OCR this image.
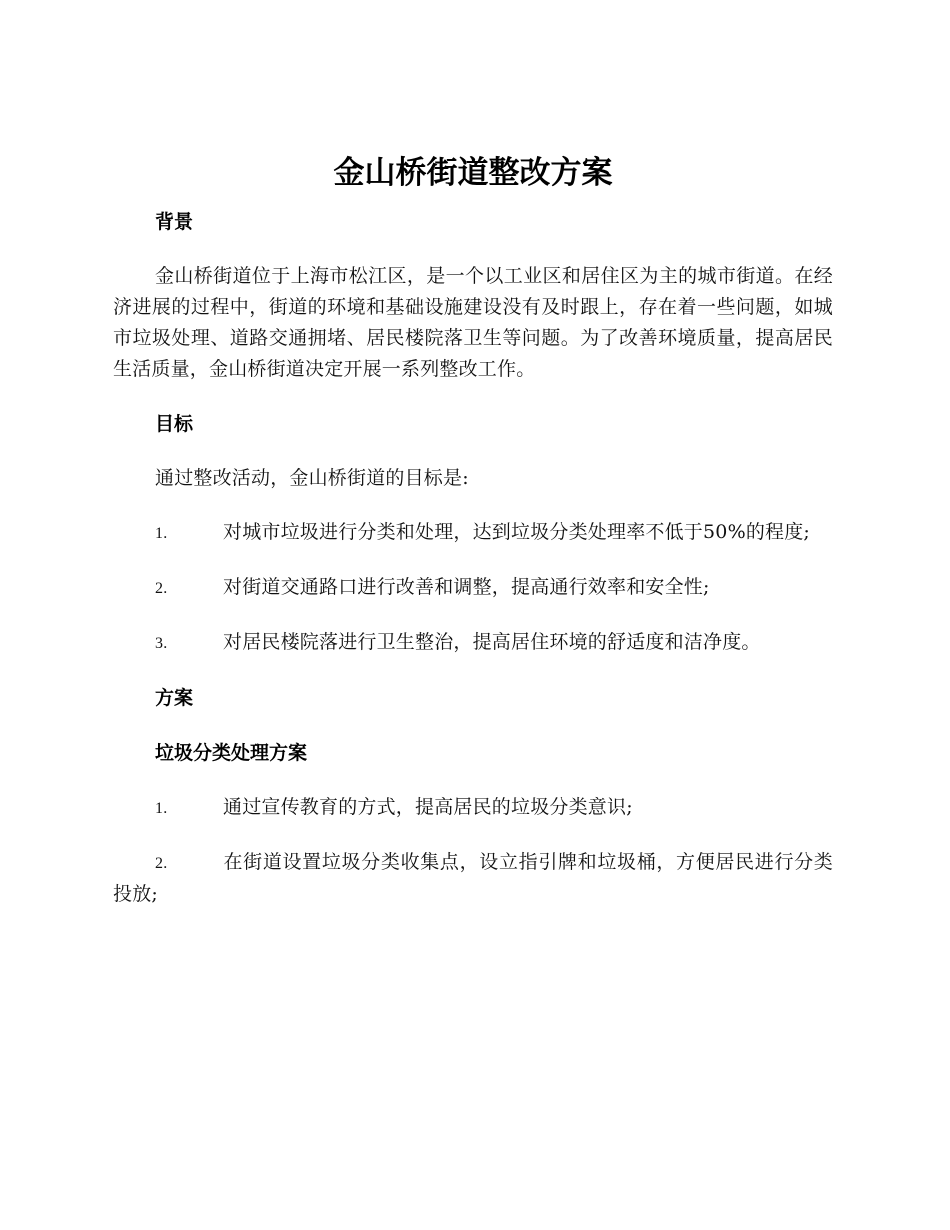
金山桥街道整改方案
背景

金山桥街道位于上海市松江区，是一个以工业区和居住区为主的城市街道。在经济进展的过程中，街道的环境和基础设施建设没有及时跟上，存在着一些问题，如城市垃圾处理、道路交通拥堵、居民楼院落卫生等问题。为了改善环境质量，提高居民生活质量，金山桥街道决定开展一系列整改工作。

目标

通过整改活动，金山桥街道的目标是:

1.	对城市垃圾进行分类和处理，达到垃圾分类处理率不低于50%的程度;

2.	对街道交通路口进行改善和调整，提高通行效率和安全性;

3.	对居民楼院落进行卫生整治，提高居住环境的舒适度和洁净度。

方案
垃圾分类处理方案

1.	通过宣传教育的方式，提高居民的垃圾分类意识;

2.	在街道设置垃圾分类收集点，设立指引牌和垃圾桶，方便居民进行分类投放;
